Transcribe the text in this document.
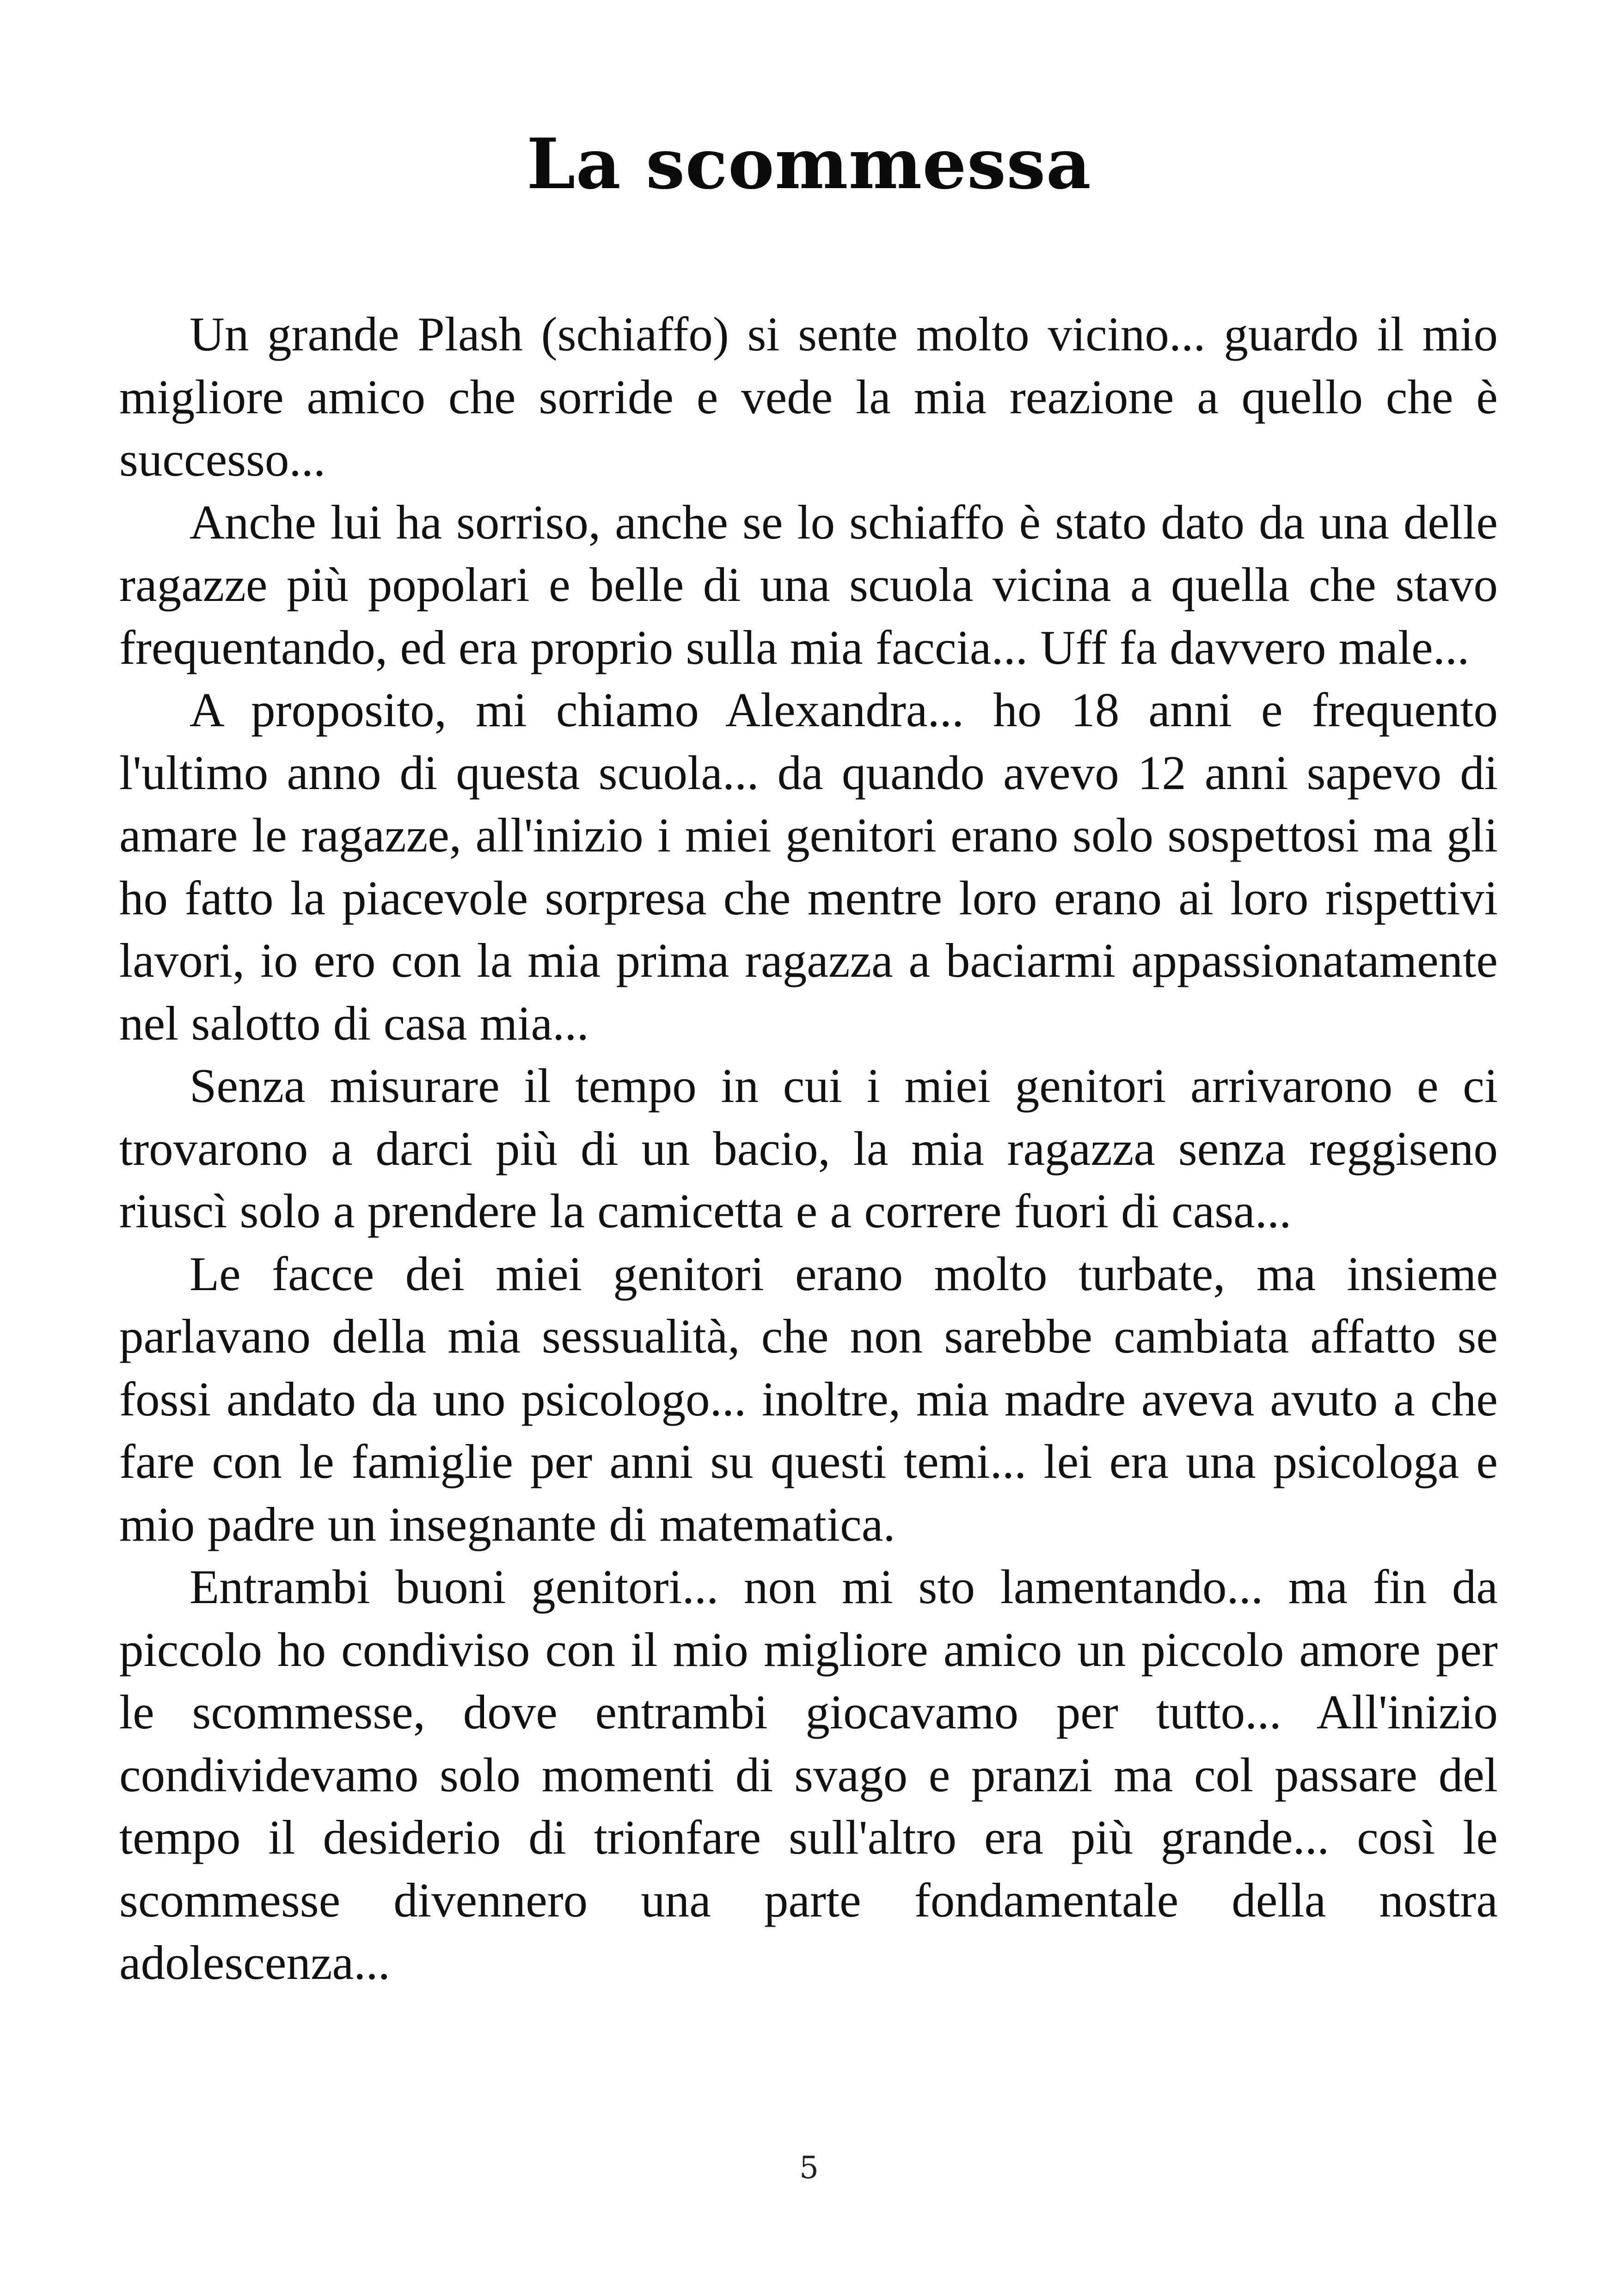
La scommessa

Un grande Plash (schiaffo) si sente molto vicino... guardo il mio migliore amico che sorride e vede la mia reazione a quello che è successo...

Anche lui ha sorriso, anche se lo schiaffo è stato dato da una delle ragazze più popolari e belle di una scuola vicina a quella che stavo frequentando, ed era proprio sulla mia faccia... Uff fa davvero male...

A proposito, mi chiamo Alexandra... ho 18 anni e frequento l'ultimo anno di questa scuola... da quando avevo 12 anni sapevo di amare le ragazze, all'inizio i miei genitori erano solo sospettosi ma gli ho fatto la piacevole sorpresa che mentre loro erano ai loro rispettivi lavori, io ero con la mia prima ragazza a baciarmi appassionatamente nel salotto di casa mia...

Senza misurare il tempo in cui i miei genitori arrivarono e ci trovarono a darci più di un bacio, la mia ragazza senza reggiseno riuscì solo a prendere la camicetta e a correre fuori di casa...

Le facce dei miei genitori erano molto turbate, ma insieme parlavano della mia sessualità, che non sarebbe cambiata affatto se fossi andato da uno psicologo... inoltre, mia madre aveva avuto a che fare con le famiglie per anni su questi temi... lei era una psicologa e mio padre un insegnante di matematica.

Entrambi buoni genitori... non mi sto lamentando... ma fin da piccolo ho condiviso con il mio migliore amico un piccolo amore per le scommesse, dove entrambi giocavamo per tutto... All'inizio condividevamo solo momenti di svago e pranzi ma col passare del tempo il desiderio di trionfare sull'altro era più grande... così le scommesse divennero una parte fondamentale della nostra adolescenza...

5
